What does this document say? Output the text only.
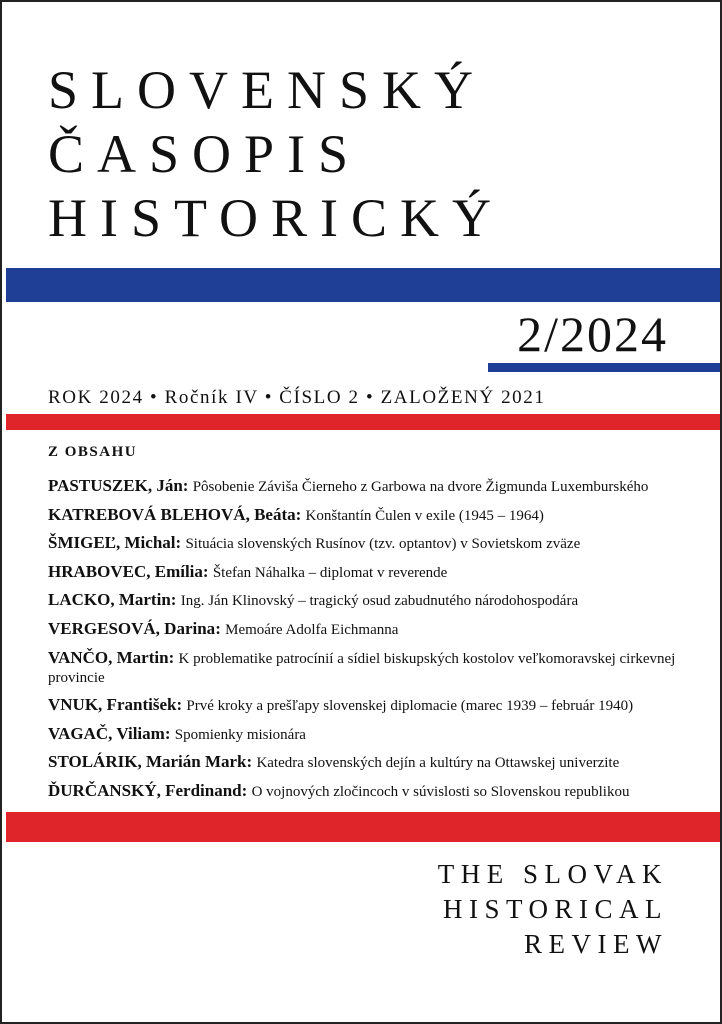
SLOVENSKÝ
ČASOPIS
HISTORICKÝ
2/2024
ROK 2024 • Ročník IV • ČÍSLO 2 • ZALOŽENÝ 2021
Z OBSAHU
PASTUSZEK, Ján: Pôsobenie Záviša Čierneho z Garbowa na dvore Žigmunda Luxemburského
KATREBOVÁ BLEHOVÁ, Beáta: Konštantín Čulen v exile (1945 – 1964)
ŠMIGEĽ, Michal: Situácia slovenských Rusínov (tzv. optantov) v Sovietskom zväze
HRABOVEC, Emília: Štefan Náhalka – diplomat v reverende
LACKO, Martin: Ing. Ján Klinovský – tragický osud zabudnutého národohospodára
VERGESOVÁ, Darina: Memoáre Adolfa Eichmanna
VANČO, Martin: K problematike patrocínií a sídiel biskupských kostolov veľkomoravskej cirkevnej provincie
VNUK, František: Prvé kroky a prešľapy slovenskej diplomacie (marec 1939 – február 1940)
VAGAČ, Viliam: Spomienky misionára
STOLÁRIK, Marián Mark: Katedra slovenských dejín a kultúry na Ottawskej univerzite
ĎURČANSKÝ, Ferdinand: O vojnových zločincoch v súvislosti so Slovenskou republikou
THE SLOVAK
HISTORICAL
REVIEW
